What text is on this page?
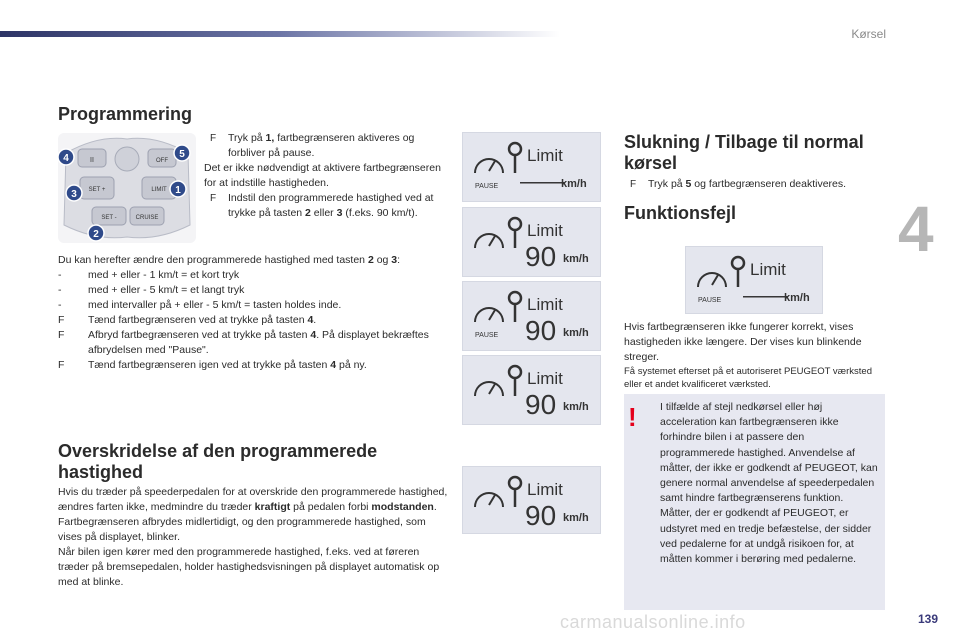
Kørsel
4
139
carmanualsonline.info
Programmering
II	OFF
SET +	LIMIT
SET -	CRUISE
1
2
3
4	5

F Tryk på 1, fartbegrænseren aktiveres og forbliver på pause.

Det er ikke nødvendigt at aktivere fartbegrænseren for at indstille hastigheden.

F Indstil den programmerede hastighed ved at trykke på tasten 2 eller 3 (f.eks. 90 km/t).

Du kan herefter ændre den programmerede hastighed med tasten 2 og 3:

-	med + eller - 1 km/t = et kort tryk

-	med + eller - 5 km/t = et langt tryk

-	med intervaller på + eller - 5 km/t = tasten holdes inde.

F Tænd fartbegrænseren ved at trykke på tasten 4.

F Afbryd fartbegrænseren ved at trykke på tasten 4. På displayet bekræftes afbrydelsen med "Pause".

F Tænd fartbegrænseren igen ved at trykke på tasten 4 på ny.

Overskridelse af den programmerede hastighed

Hvis du træder på speederpedalen for at overskride den programmerede hastighed, ændres farten ikke, medmindre du træder kraftigt på pedalen forbi modstanden.

Fartbegrænseren afbrydes midlertidigt, og den programmerede hastighed, som vises på displayet, blinker.

Når bilen igen kører med den programmerede hastighed, f.eks. ved at føreren træder på bremsepedalen, holder hastighedsvisningen på displayet automatisk op med at blinke.

Limit
PAUSE ———
km/h
Limit
90 km/h
Limit
PAUSE 90 km/h
Limit
90 km/h
Limit
90 km/h
Slukning / Tilbage til normal kørsel

F Tryk på 5 og fartbegrænseren deaktiveres.

Funktionsfejl
Limit
PAUSE ———
km/h

Hvis fartbegrænseren ikke fungerer korrekt, vises hastigheden ikke længere. Der vises kun blinkende streger.

Få systemet efterset på et autoriseret PEUGEOT værksted eller et andet kvalificeret værksted.

! I tilfælde af stejl nedkørsel eller høj acceleration kan fartbegrænseren ikke forhindre bilen i at passere den programmerede hastighed. Anvendelse af måtter, der ikke er godkendt af PEUGEOT, kan genere normal anvendelse af speederpedalen samt hindre fartbegrænserens funktion. Måtter, der er godkendt af PEUGEOT, er udstyret med en tredje befæstelse, der sidder ved pedalerne for at undgå risikoen for, at måtten kommer i berøring med pedalerne.
